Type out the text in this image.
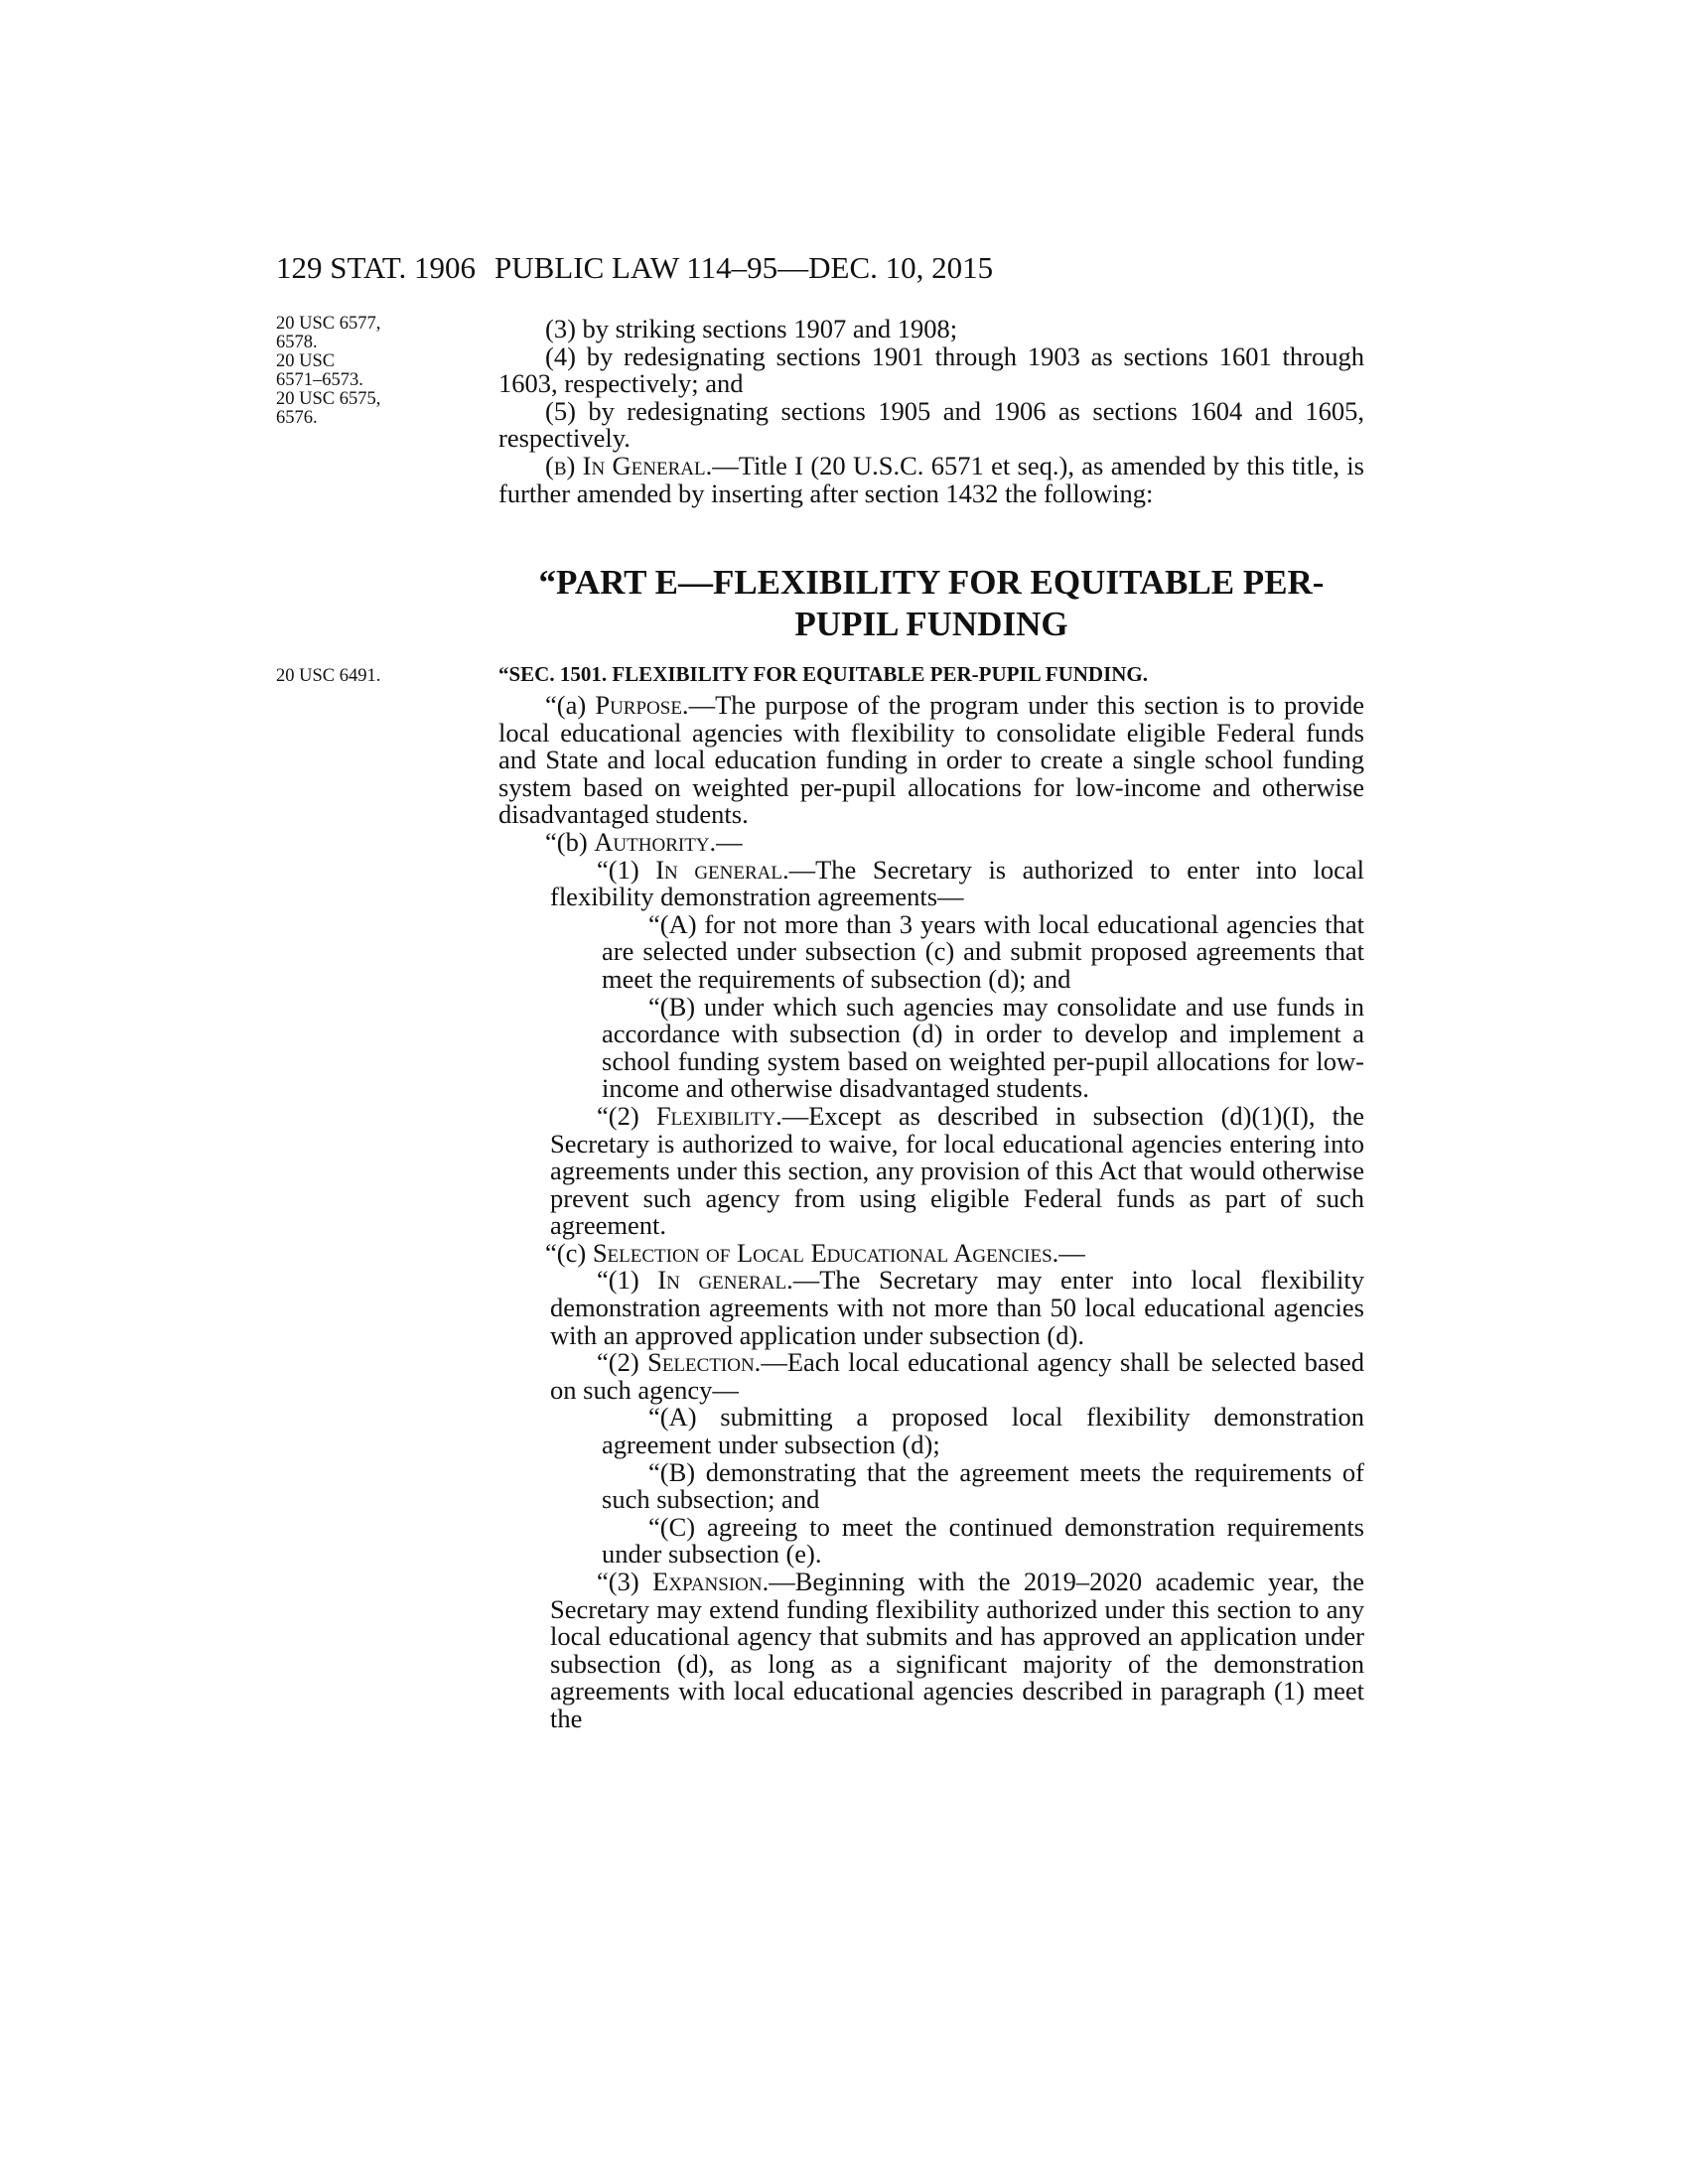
129 STAT. 1906 PUBLIC LAW 114–95—DEC. 10, 2015

20 USC 6577,

6578.

20 USC

6571–6573.

20 USC 6575,

6576.

20 USC 6491.

(3) by striking sections 1907 and 1908;

(4) by redesignating sections 1901 through 1903 as sections 1601 through 1603, respectively; and

(5) by redesignating sections 1905 and 1906 as sections 1604 and 1605, respectively.

(b) In General.—Title I (20 U.S.C. 6571 et seq.), as amended by this title, is further amended by inserting after section 1432 the following:

“PART E—FLEXIBILITY FOR EQUITABLE PER-
PUPIL FUNDING

“SEC. 1501. FLEXIBILITY FOR EQUITABLE PER-PUPIL FUNDING.

“(a) Purpose.—The purpose of the program under this section is to provide local educational agencies with flexibility to consolidate eligible Federal funds and State and local education funding in order to create a single school funding system based on weighted per-pupil allocations for low-income and otherwise disadvantaged students.

“(b) Authority.—

“(1) In general.—The Secretary is authorized to enter into local flexibility demonstration agreements—

“(A) for not more than 3 years with local educational agencies that are selected under subsection (c) and submit proposed agreements that meet the requirements of subsection (d); and

“(B) under which such agencies may consolidate and use funds in accordance with subsection (d) in order to develop and implement a school funding system based on weighted per-pupil allocations for low-income and otherwise disadvantaged students.

“(2) Flexibility.—Except as described in subsection (d)(1)(I), the Secretary is authorized to waive, for local educational agencies entering into agreements under this section, any provision of this Act that would otherwise prevent such agency from using eligible Federal funds as part of such agreement.

“(c) Selection of Local Educational Agencies.—

“(1) In general.—The Secretary may enter into local flexibility demonstration agreements with not more than 50 local educational agencies with an approved application under subsection (d).

“(2) Selection.—Each local educational agency shall be selected based on such agency—

“(A) submitting a proposed local flexibility demonstration agreement under subsection (d);

“(B) demonstrating that the agreement meets the requirements of such subsection; and

“(C) agreeing to meet the continued demonstration requirements under subsection (e).

“(3) Expansion.—Beginning with the 2019–2020 academic year, the Secretary may extend funding flexibility authorized under this section to any local educational agency that submits and has approved an application under subsection (d), as long as a significant majority of the demonstration agreements with local educational agencies described in paragraph (1) meet the
